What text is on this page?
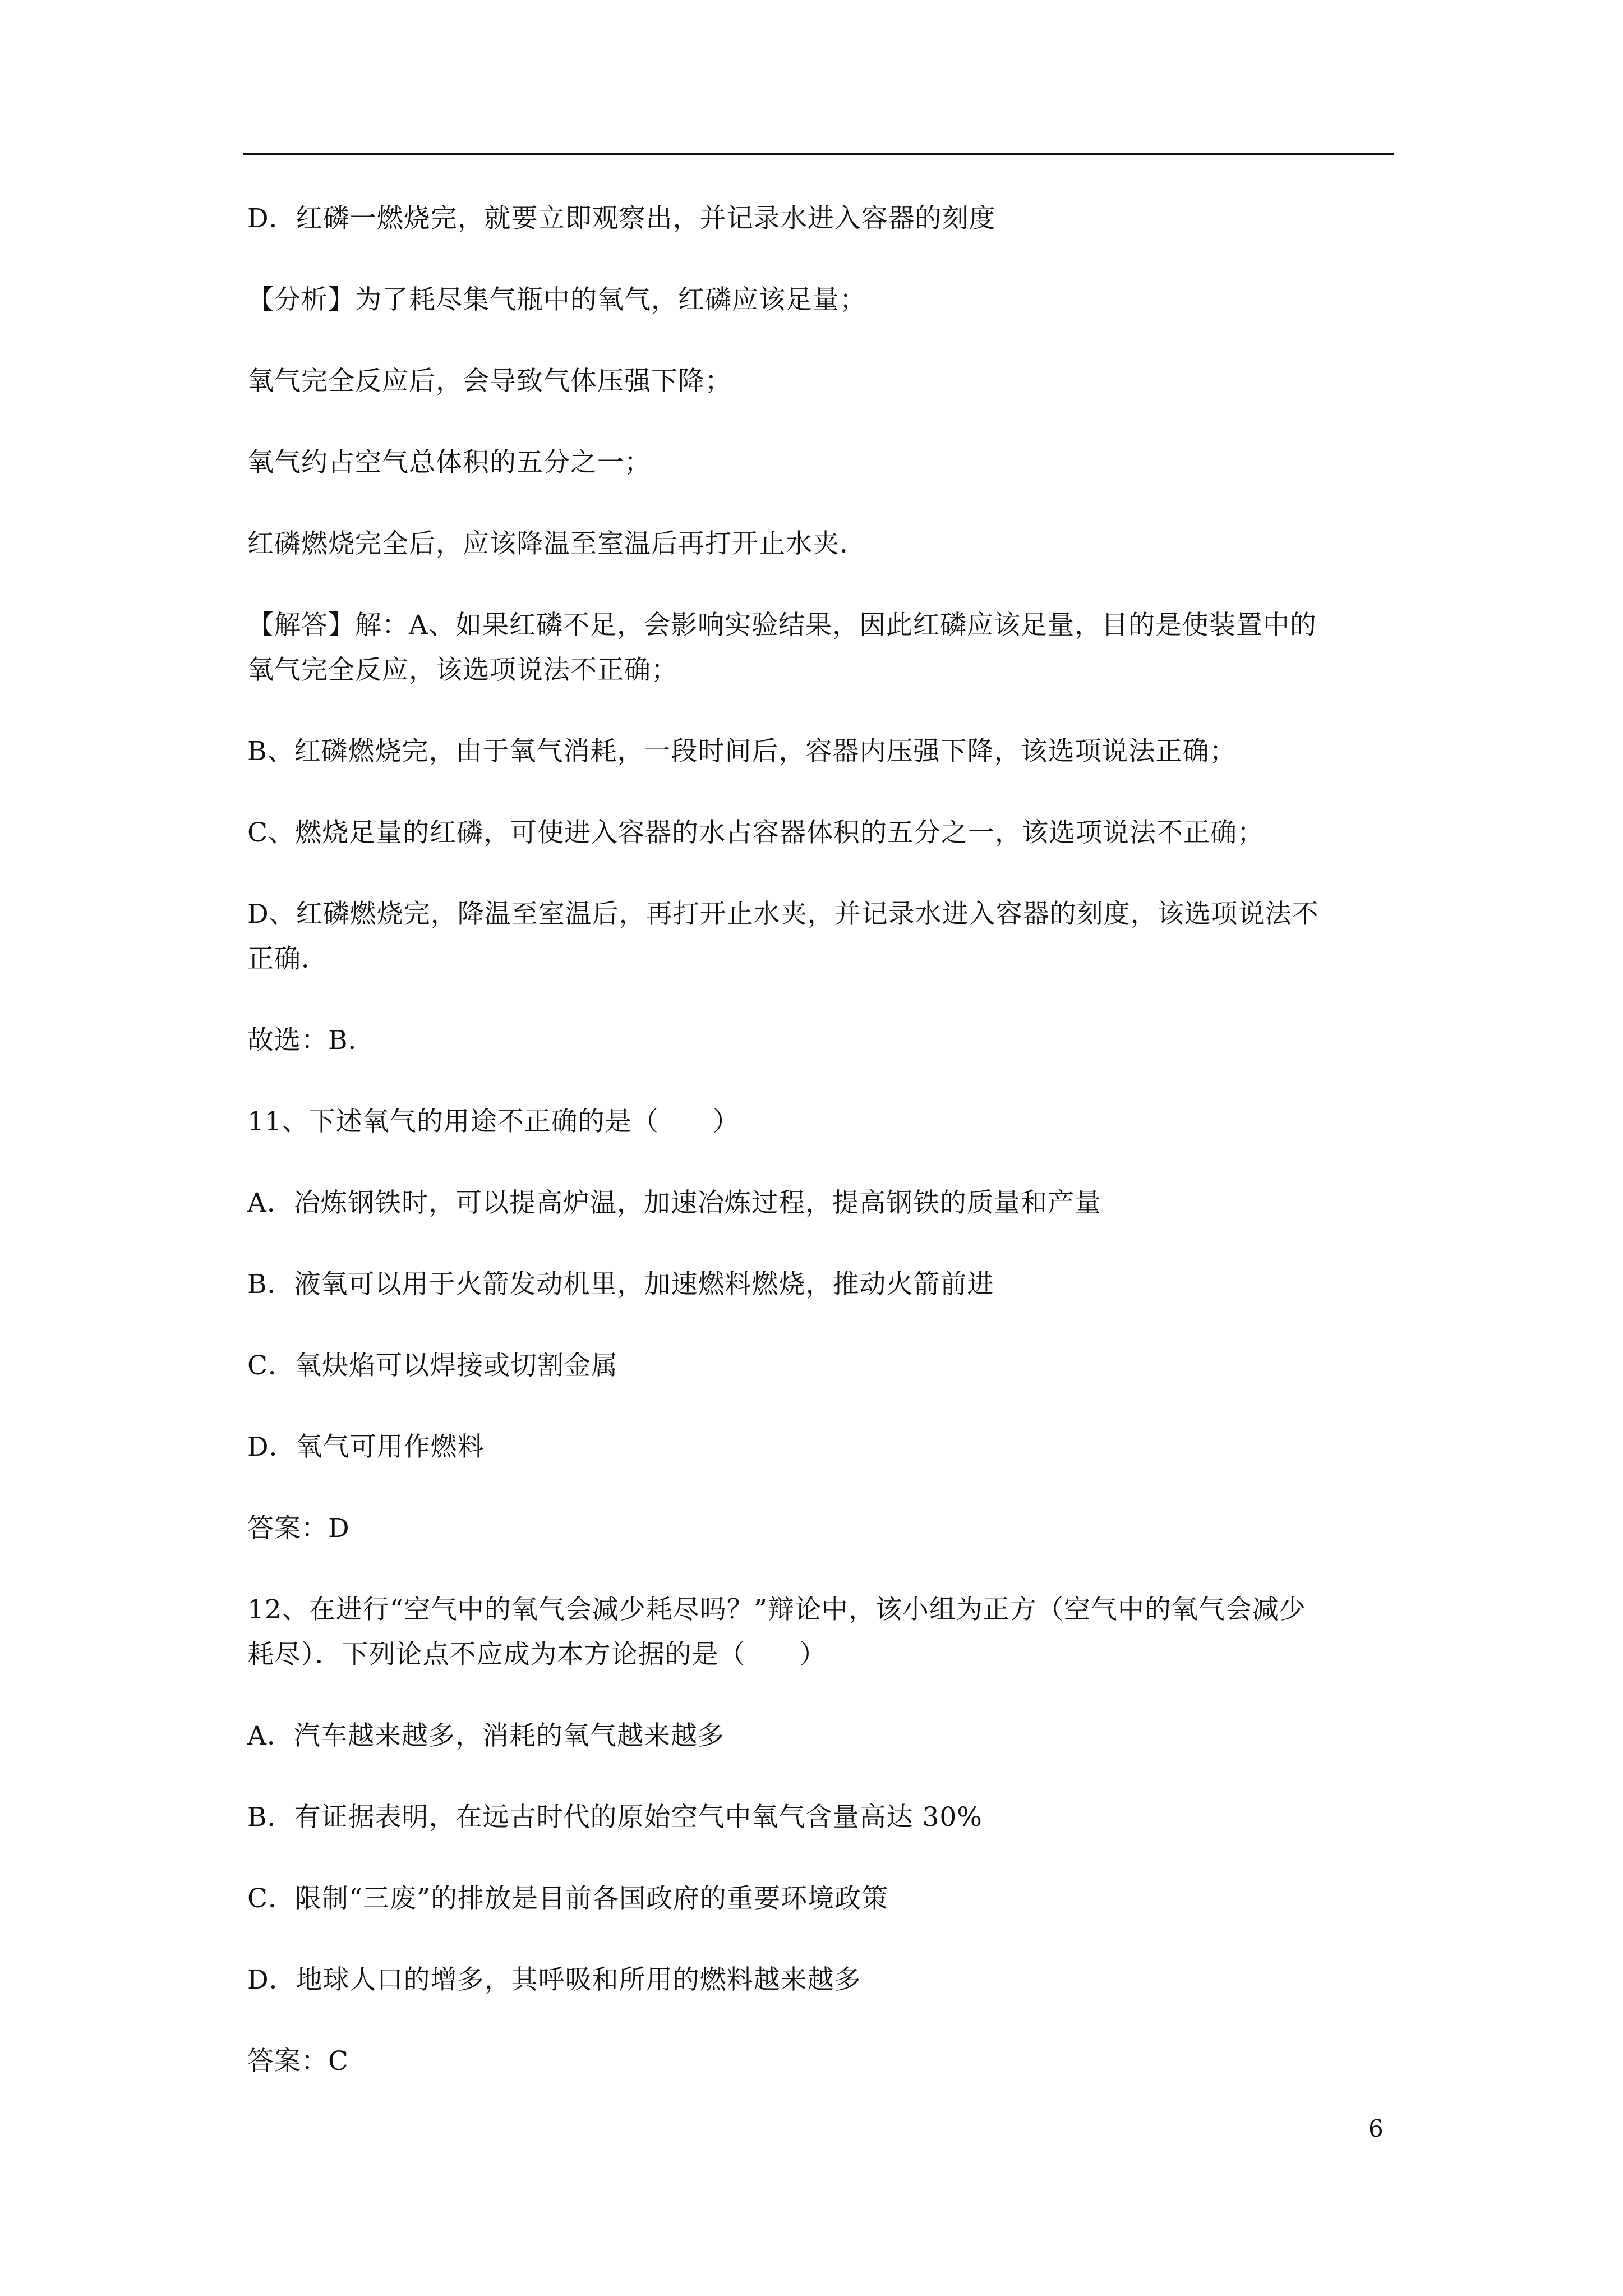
D．红磷一燃烧完，就要立即观察出，并记录水进入容器的刻度
【分析】为了耗尽集气瓶中的氧气，红磷应该足量；
氧气完全反应后，会导致气体压强下降；
氧气约占空气总体积的五分之一；
红磷燃烧完全后，应该降温至室温后再打开止水夹．
【解答】解：A、如果红磷不足，会影响实验结果，因此红磷应该足量，目的是使装置中的
氧气完全反应，该选项说法不正确；
B、红磷燃烧完，由于氧气消耗，一段时间后，容器内压强下降，该选项说法正确；
C、燃烧足量的红磷，可使进入容器的水占容器体积的五分之一，该选项说法不正确；
D、红磷燃烧完，降温至室温后，再打开止水夹，并记录水进入容器的刻度，该选项说法不
正确．
故选：B．
11、下述氧气的用途不正确的是（　　）
A．冶炼钢铁时，可以提高炉温，加速冶炼过程，提高钢铁的质量和产量
B．液氧可以用于火箭发动机里，加速燃料燃烧，推动火箭前进
C．氧炔焰可以焊接或切割金属
D．氧气可用作燃料
答案：D
12、在进行“空气中的氧气会减少耗尽吗？”辩论中，该小组为正方（空气中的氧气会减少
耗尽）．下列论点不应成为本方论据的是（　　）
A．汽车越来越多，消耗的氧气越来越多
B．有证据表明，在远古时代的原始空气中氧气含量高达 30%
C．限制“三废”的排放是目前各国政府的重要环境政策
D．地球人口的增多，其呼吸和所用的燃料越来越多
答案：C
6
